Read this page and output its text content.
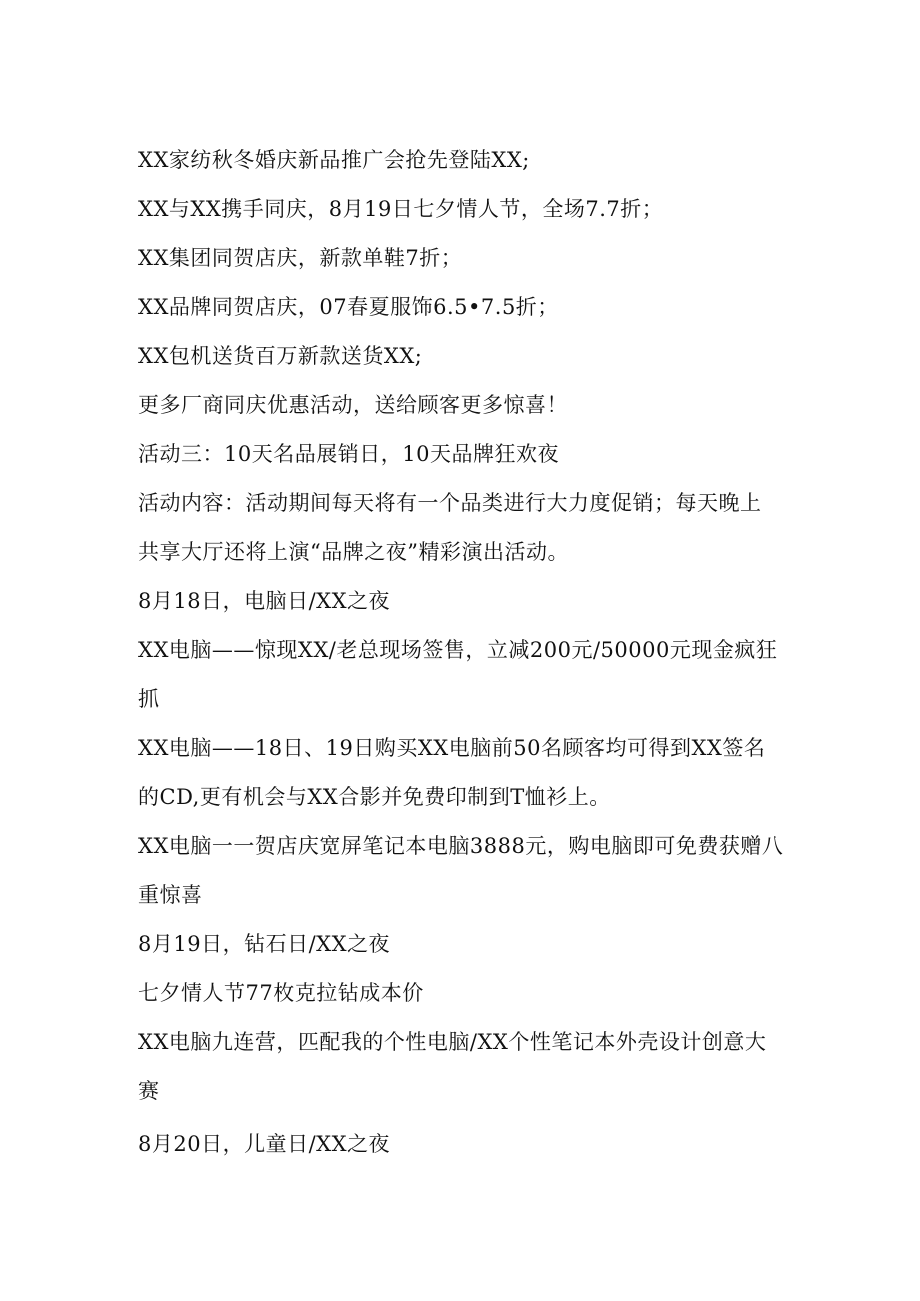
XX家纺秋冬婚庆新品推广会抢先登陆XX;
XX与XX携手同庆，8月19日七夕情人节，全场7.7折；
XX集团同贺店庆，新款单鞋7折；
XX品牌同贺店庆，07春夏服饰6.5•7.5折；
XX包机送货百万新款送货XX;
更多厂商同庆优惠活动，送给顾客更多惊喜！
活动三：10天名品展销日，10天品牌狂欢夜
活动内容：活动期间每天将有一个品类进行大力度促销；每天晚上
共享大厅还将上演“品牌之夜”精彩演出活动。
8月18日，电脑日/XX之夜
XX电脑——惊现XX/老总现场签售，立减200元/50000元现金疯狂
抓
XX电脑——18日、19日购买XX电脑前50名顾客均可得到XX签名
的CD,更有机会与XX合影并免费印制到T恤衫上。
XX电脑一一贺店庆宽屏笔记本电脑3888元，购电脑即可免费获赠八
重惊喜
8月19日，钻石日/XX之夜
七夕情人节77枚克拉钻成本价
XX电脑九连营，匹配我的个性电脑/XX个性笔记本外壳设计创意大
赛
8月20日，儿童日/XX之夜
